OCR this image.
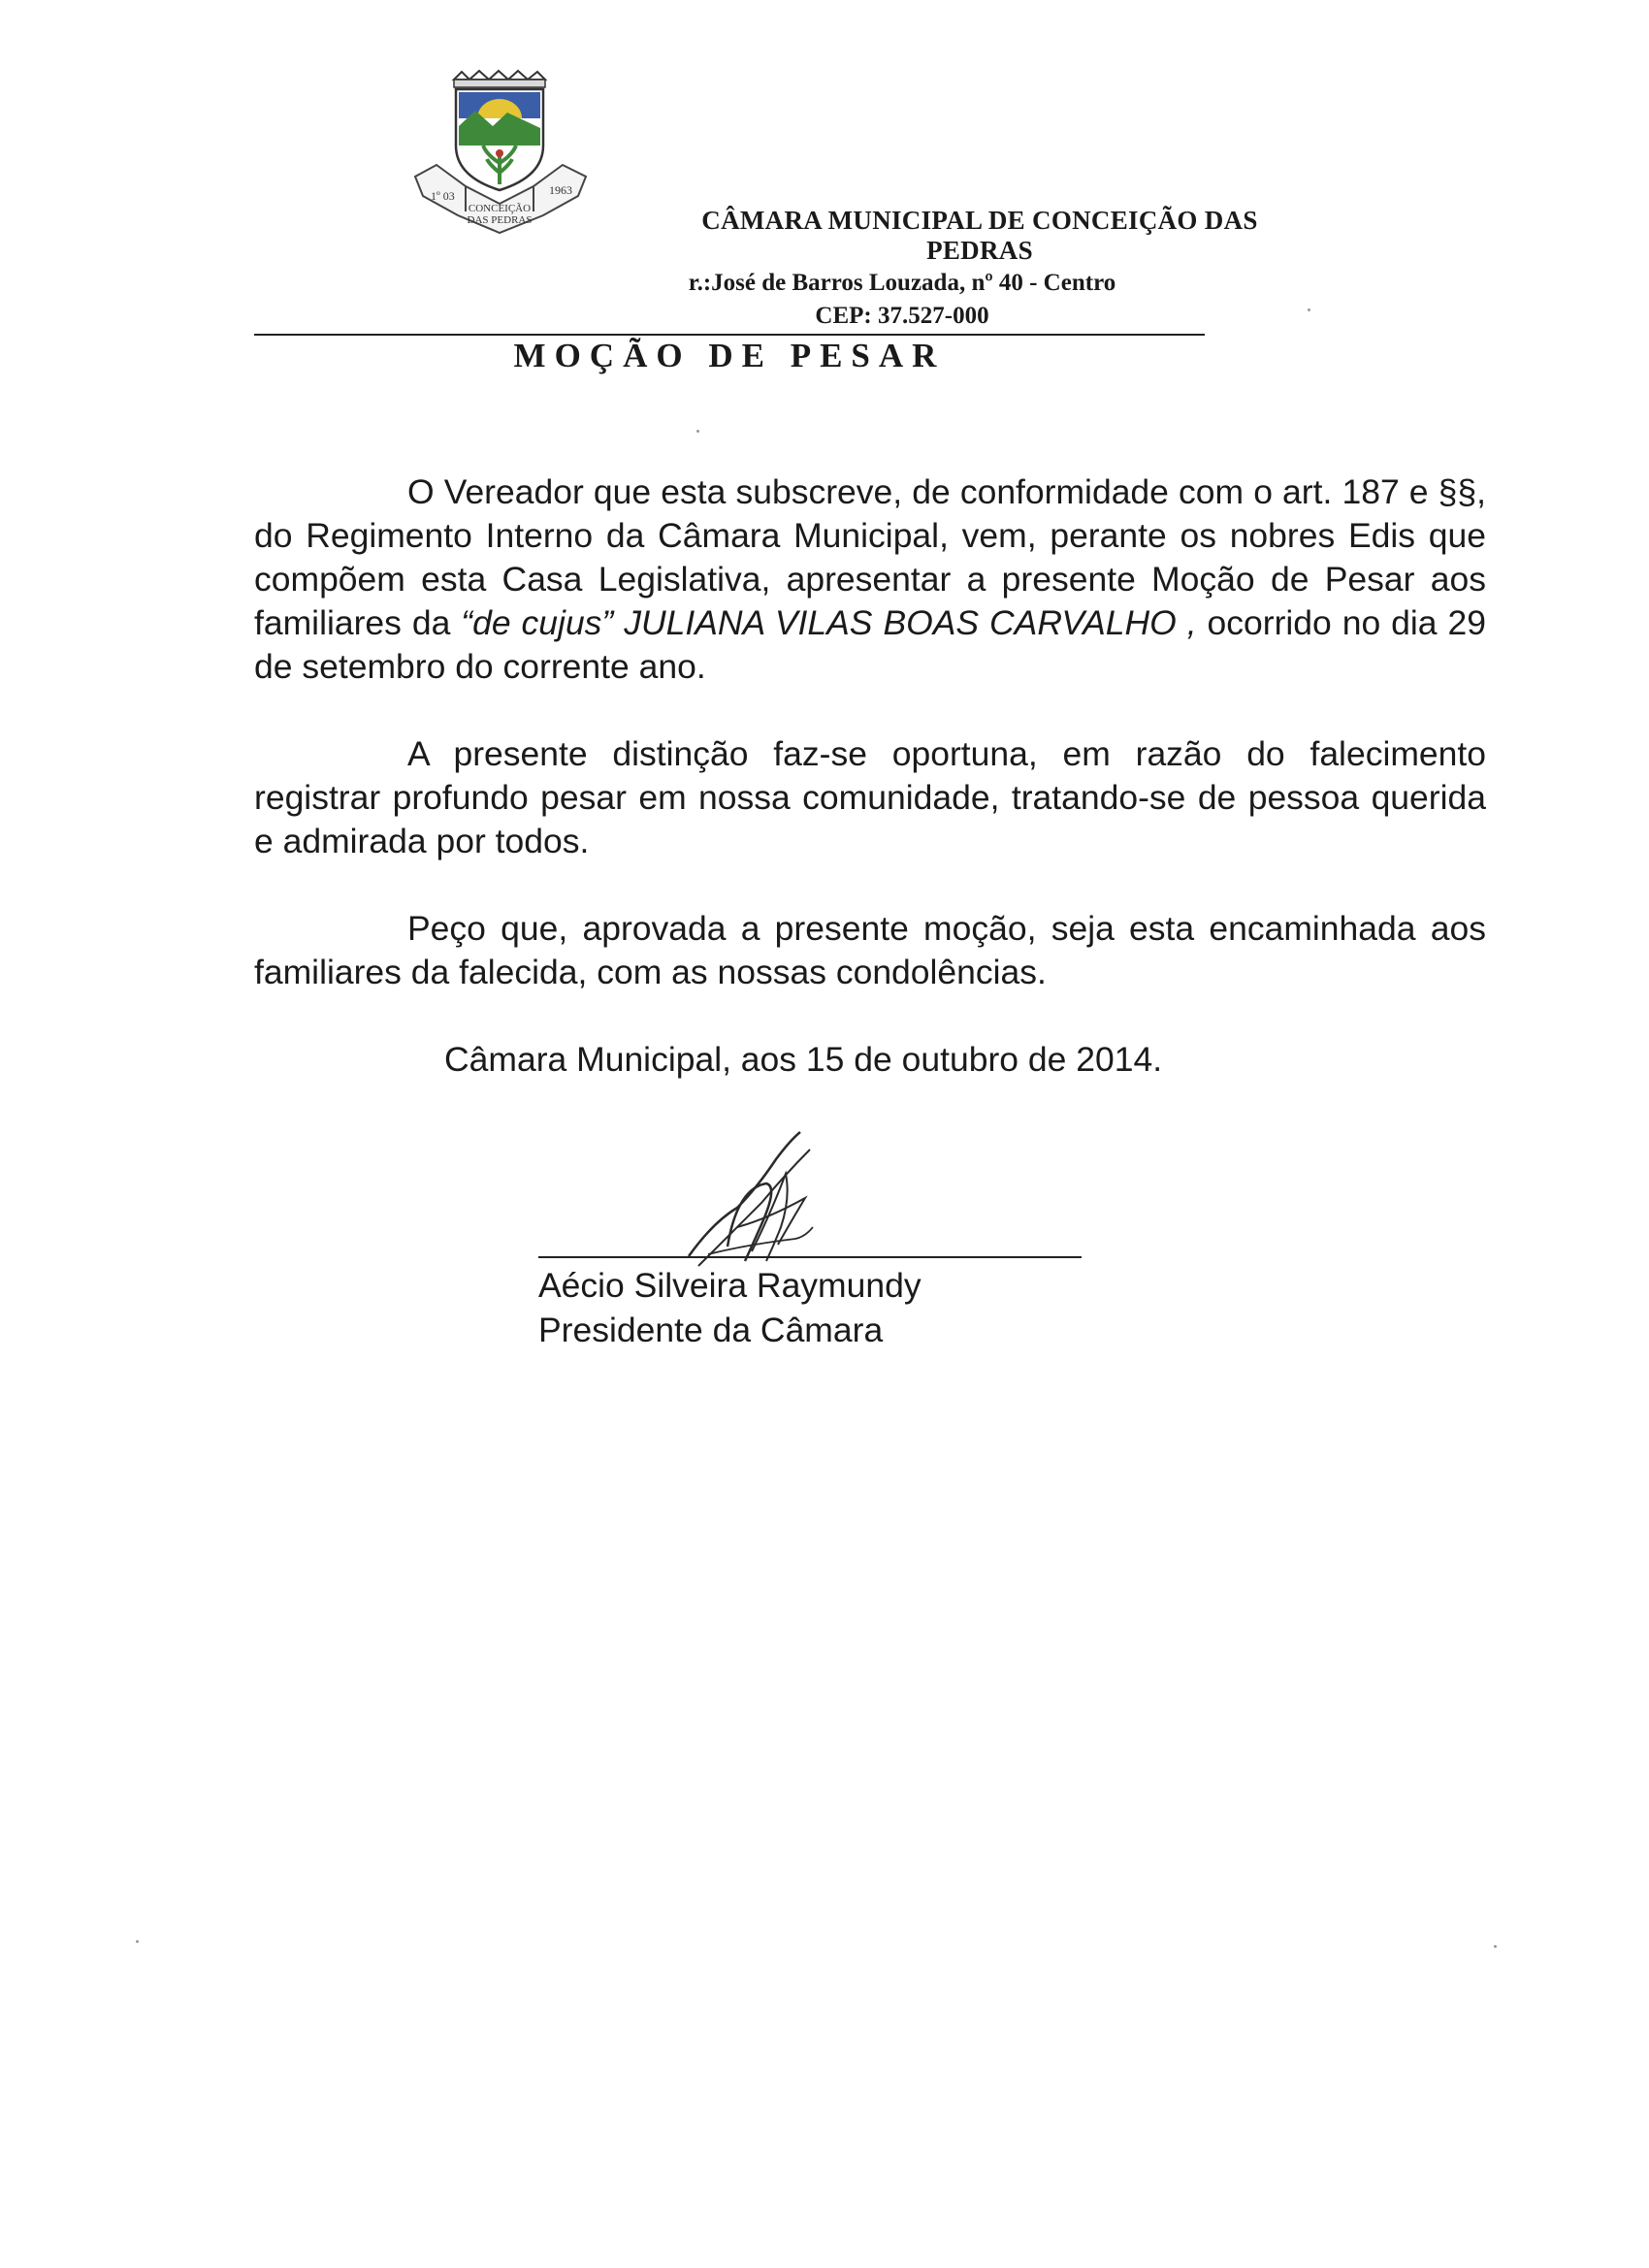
1º 03	1963
CONCEIÇÃO
DAS PEDRAS	CÂMARA MUNICIPAL DE CONCEIÇÃO DAS PEDRAS
r.:José de Barros Louzada, nº 40 - Centro
CEP: 37.527-000
MOÇÃO DE PESAR

O Vereador que esta subscreve, de conformidade com o art. 187 e §§, do Regimento Interno da Câmara Municipal, vem, perante os nobres Edis que compõem esta Casa Legislativa, apresentar a presente Moção de Pesar aos familiares da “de cujus” JULIANA VILAS BOAS CARVALHO , ocorrido no dia 29 de setembro do corrente ano.

A presente distinção faz-se oportuna, em razão do falecimento registrar profundo pesar em nossa comunidade, tratando-se de pessoa querida e admirada por todos.

Peço que, aprovada a presente moção, seja esta encaminhada aos familiares da falecida, com as nossas condolências.

Câmara Municipal, aos 15 de outubro de 2014.
Aécio Silveira Raymundy
Presidente da Câmara
